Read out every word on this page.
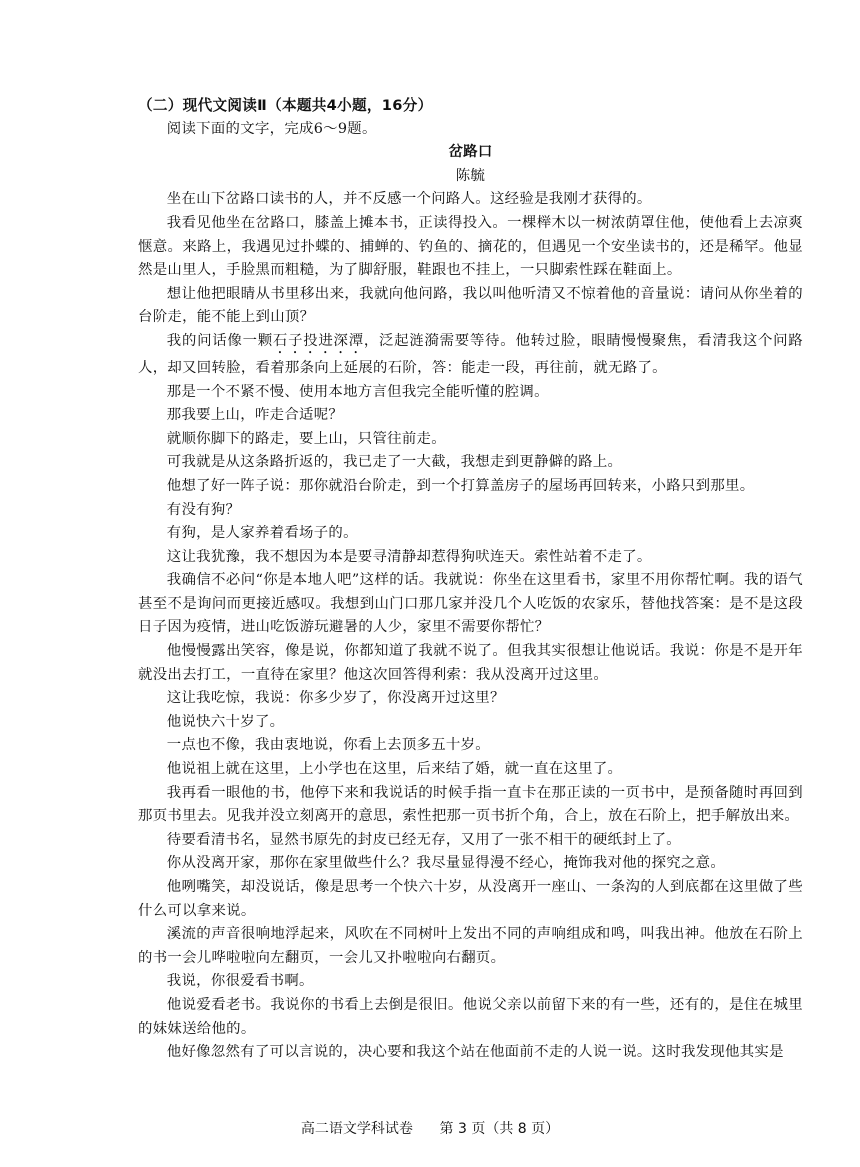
（二）现代文阅读Ⅱ（本题共4小题，16分）
阅读下面的文字，完成6～9题。
岔路口
陈毓

坐在山下岔路口读书的人，并不反感一个问路人。这经验是我刚才获得的。

我看见他坐在岔路口，膝盖上摊本书，正读得投入。一棵榉木以一树浓荫罩住他，使他看上去凉爽惬意。来路上，我遇见过扑蝶的、捕蝉的、钓鱼的、摘花的，但遇见一个安坐读书的，还是稀罕。他显然是山里人，手脸黑而粗糙，为了脚舒服，鞋跟也不挂上，一只脚索性踩在鞋面上。

想让他把眼睛从书里移出来，我就向他问路，我以叫他听清又不惊着他的音量说：请问从你坐着的台阶走，能不能上到山顶？

我的问话像一颗石子投进深潭，泛起涟漪需要等待。他转过脸，眼睛慢慢聚焦，看清我这个问路人，却又回转脸，看着那条向上延展的石阶，答：能走一段，再往前，就无路了。

那是一个不紧不慢、使用本地方言但我完全能听懂的腔调。

那我要上山，咋走合适呢？

就顺你脚下的路走，要上山，只管往前走。

可我就是从这条路折返的，我已走了一大截，我想走到更静僻的路上。

他想了好一阵子说：那你就沿台阶走，到一个打算盖房子的屋场再回转来，小路只到那里。

有没有狗？

有狗，是人家养着看场子的。

这让我犹豫，我不想因为本是要寻清静却惹得狗吠连天。索性站着不走了。

我确信不必问“你是本地人吧”这样的话。我就说：你坐在这里看书，家里不用你帮忙啊。我的语气甚至不是询问而更接近感叹。我想到山门口那几家并没几个人吃饭的农家乐，替他找答案：是不是这段日子因为疫情，进山吃饭游玩避暑的人少，家里不需要你帮忙？

他慢慢露出笑容，像是说，你都知道了我就不说了。但我其实很想让他说话。我说：你是不是开年就没出去打工，一直待在家里？他这次回答得利索：我从没离开过这里。

这让我吃惊，我说：你多少岁了，你没离开过这里？

他说快六十岁了。

一点也不像，我由衷地说，你看上去顶多五十岁。

他说祖上就在这里，上小学也在这里，后来结了婚，就一直在这里了。

我再看一眼他的书，他停下来和我说话的时候手指一直卡在那正读的一页书中，是预备随时再回到那页书里去。见我并没立刻离开的意思，索性把那一页书折个角，合上，放在石阶上，把手解放出来。

待要看清书名，显然书原先的封皮已经无存，又用了一张不相干的硬纸封上了。

你从没离开家，那你在家里做些什么？我尽量显得漫不经心，掩饰我对他的探究之意。

他咧嘴笑，却没说话，像是思考一个快六十岁，从没离开一座山、一条沟的人到底都在这里做了些什么可以拿来说。

溪流的声音很响地浮起来，风吹在不同树叶上发出不同的声响组成和鸣，叫我出神。他放在石阶上的书一会儿哗啦啦向左翻页，一会儿又扑啦啦向右翻页。

我说，你很爱看书啊。

他说爱看老书。我说你的书看上去倒是很旧。他说父亲以前留下来的有一些，还有的，是住在城里的妹妹送给他的。

他好像忽然有了可以言说的，决心要和我这个站在他面前不走的人说一说。这时我发现他其实是

高二语文学科试卷 第 3 页（共 8 页）
